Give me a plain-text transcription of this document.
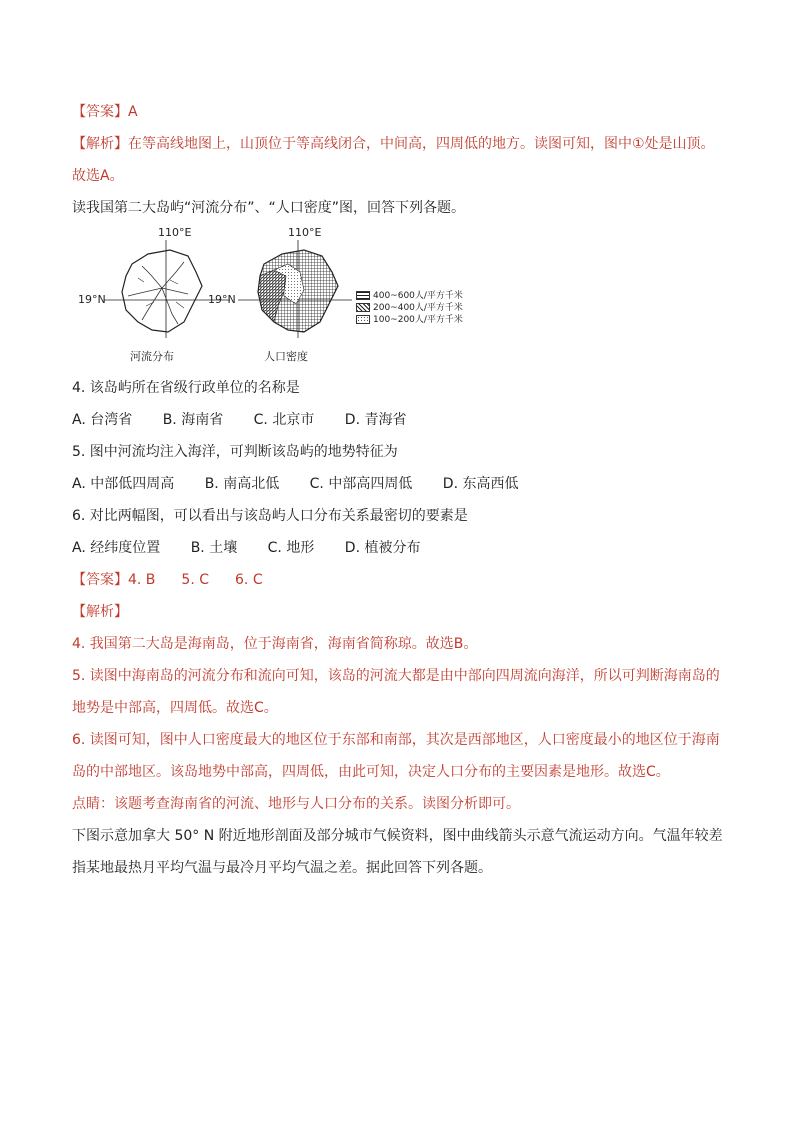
【答案】A
【解析】在等高线地图上，山顶位于等高线闭合，中间高，四周低的地方。读图可知，图中①处是山顶。
故选A。
读我国第二大岛屿“河流分布”、“人口密度”图，回答下列各题。
110°E	110°E
19°N	19°N
河流分布	人口密度
400~600人/平方千米
200~400人/平方千米
100~200人/平方千米
4. 该岛屿所在省级行政单位的名称是
A. 台湾省 B. 海南省 C. 北京市 D. 青海省
5. 图中河流均注入海洋，可判断该岛屿的地势特征为
A. 中部低四周高 B. 南高北低 C. 中部高四周低 D. 东高西低
6. 对比两幅图，可以看出与该岛屿人口分布关系最密切的要素是
A. 经纬度位置 B. 土壤 C. 地形 D. 植被分布
【答案】4. B 5. C 6. C
【解析】
4. 我国第二大岛是海南岛，位于海南省，海南省简称琼。故选B。
5. 读图中海南岛的河流分布和流向可知，该岛的河流大都是由中部向四周流向海洋，所以可判断海南岛的
地势是中部高，四周低。故选C。
6. 读图可知，图中人口密度最大的地区位于东部和南部，其次是西部地区，人口密度最小的地区位于海南
岛的中部地区。该岛地势中部高，四周低，由此可知，决定人口分布的主要因素是地形。故选C。
点睛：该题考查海南省的河流、地形与人口分布的关系。读图分析即可。
下图示意加拿大 50° N 附近地形剖面及部分城市气候资料，图中曲线箭头示意气流运动方向。气温年较差
指某地最热月平均气温与最冷月平均气温之差。据此回答下列各题。
